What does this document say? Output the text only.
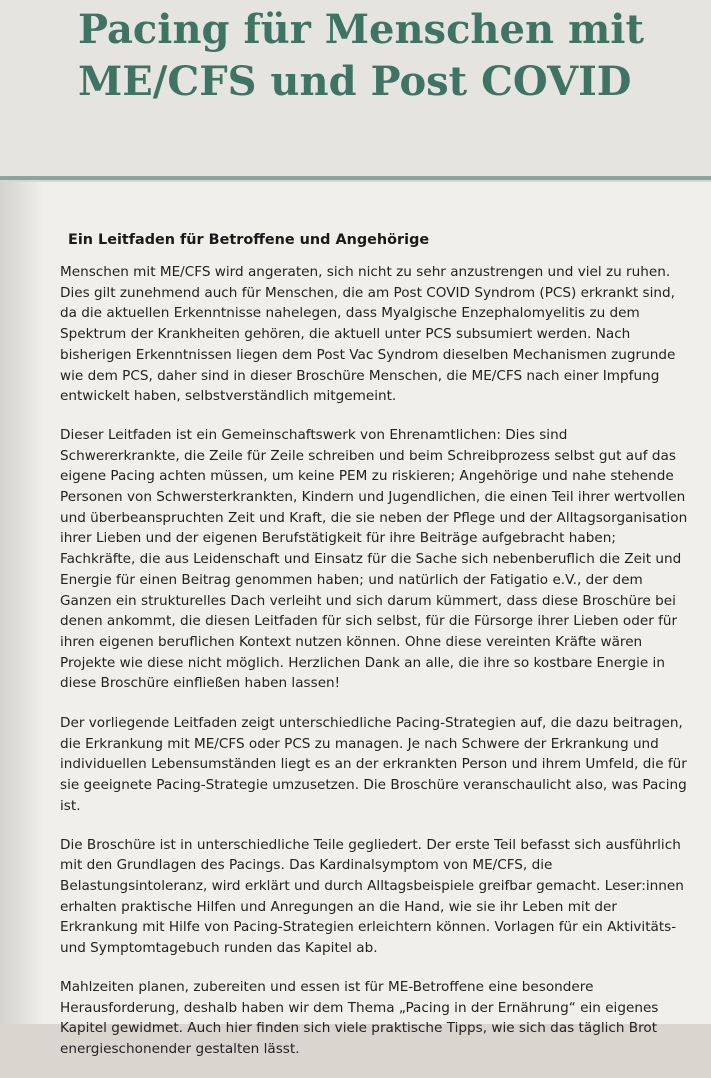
Pacing für Menschen mit
ME/CFS und Post COVID
Ein Leitfaden für Betroffene und Angehörige

Menschen mit ME/CFS wird angeraten, sich nicht zu sehr anzustrengen und viel zu ruhen. Dies gilt zunehmend auch für Menschen, die am Post COVID Syndrom (PCS) erkrankt sind, da die aktuellen Erkenntnisse nahelegen, dass Myalgische Enzephalomyelitis zu dem Spektrum der Krankheiten gehören, die aktuell unter PCS subsumiert werden. Nach bisherigen Erkenntnissen liegen dem Post Vac Syndrom dieselben Mechanismen zugrunde wie dem PCS, daher sind in dieser Broschüre Menschen, die ME/CFS nach einer Impfung entwickelt haben, selbstverständlich mitgemeint.

Dieser Leitfaden ist ein Gemeinschaftswerk von Ehrenamtlichen: Dies sind Schwererkrankte, die Zeile für Zeile schreiben und beim Schreibprozess selbst gut auf das eigene Pacing achten müssen, um keine PEM zu riskieren; Angehörige und nahe stehende Personen von Schwersterkrankten, Kindern und Jugendlichen, die einen Teil ihrer wertvollen und überbeanspruchten Zeit und Kraft, die sie neben der Pflege und der Alltagsorganisation ihrer Lieben und der eigenen Berufstätigkeit für ihre Beiträge aufgebracht haben; Fachkräfte, die aus Leidenschaft und Einsatz für die Sache sich nebenberuflich die Zeit und Energie für einen Beitrag genommen haben; und natürlich der Fatigatio e.V., der dem Ganzen ein strukturelles Dach verleiht und sich darum kümmert, dass diese Broschüre bei denen ankommt, die diesen Leitfaden für sich selbst, für die Fürsorge ihrer Lieben oder für ihren eigenen beruflichen Kontext nutzen können. Ohne diese vereinten Kräfte wären Projekte wie diese nicht möglich. Herzlichen Dank an alle, die ihre so kostbare Energie in diese Broschüre einfließen haben lassen!

Der vorliegende Leitfaden zeigt unterschiedliche Pacing-Strategien auf, die dazu beitragen, die Erkrankung mit ME/CFS oder PCS zu managen. Je nach Schwere der Erkrankung und individuellen Lebensumständen liegt es an der erkrankten Person und ihrem Umfeld, die für sie geeignete Pacing-Strategie umzusetzen. Die Broschüre veranschaulicht also, was Pacing ist.

Die Broschüre ist in unterschiedliche Teile gegliedert. Der erste Teil befasst sich ausführlich mit den Grundlagen des Pacings. Das Kardinalsymptom von ME/CFS, die Belastungsintoleranz, wird erklärt und durch Alltagsbeispiele greifbar gemacht. Leser:innen erhalten praktische Hilfen und Anregungen an die Hand, wie sie ihr Leben mit der Erkrankung mit Hilfe von Pacing-Strategien erleichtern können. Vorlagen für ein Aktivitäts- und Symptomtagebuch runden das Kapitel ab.

Mahlzeiten planen, zubereiten und essen ist für ME-Betroffene eine besondere Herausforderung, deshalb haben wir dem Thema „Pacing in der Ernährung“ ein eigenes Kapitel gewidmet. Auch hier finden sich viele praktische Tipps, wie sich das täglich Brot energieschonender gestalten lässt.
